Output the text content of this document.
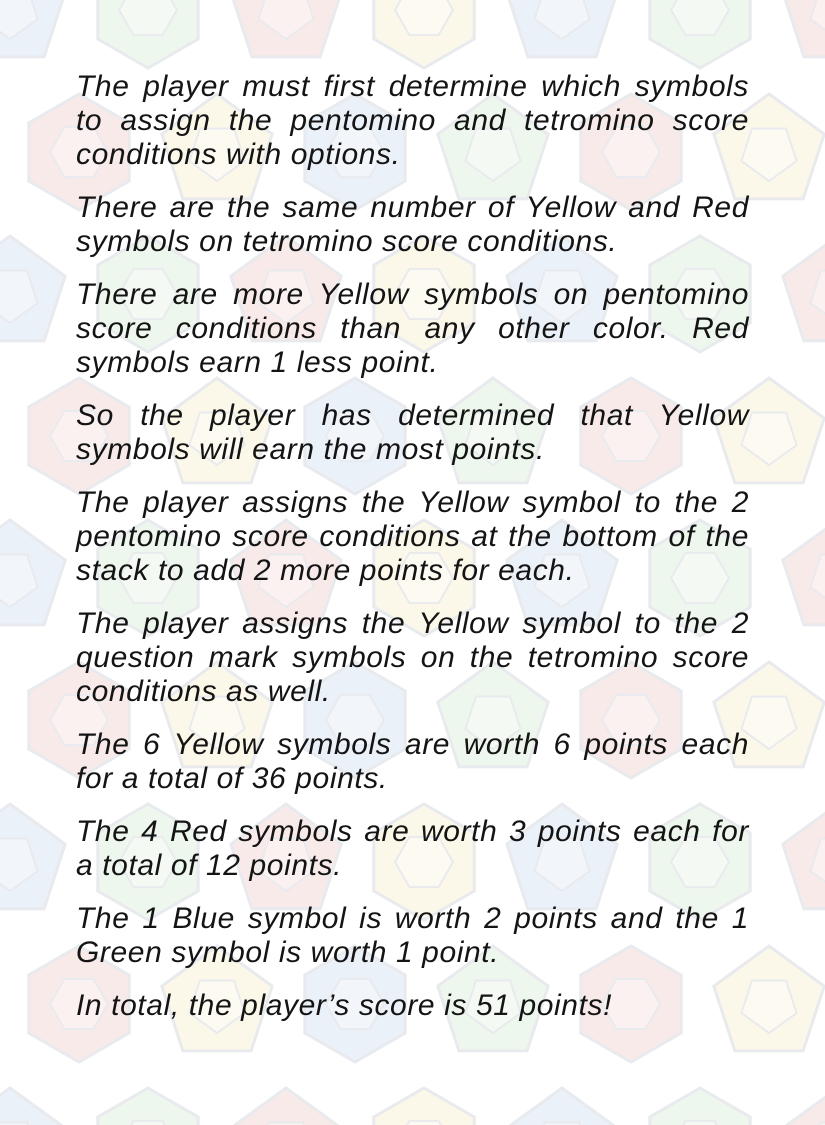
The player must first determine which symbols to assign the pentomino and tetromino score conditions with options.

There are the same number of Yellow and Red symbols on tetromino score conditions.

There are more Yellow symbols on pentomino score conditions than any other color. Red symbols earn 1 less point.

So the player has determined that Yellow symbols will earn the most points.

The player assigns the Yellow symbol to the 2 pentomino score conditions at the bottom of the stack to add 2 more points for each.

The player assigns the Yellow symbol to the 2 question mark symbols on the tetromino score conditions as well.

The 6 Yellow symbols are worth 6 points each for a total of 36 points.

The 4 Red symbols are worth 3 points each for a total of 12 points.

The 1 Blue symbol is worth 2 points and the 1 Green symbol is worth 1 point.

In total, the player’s score is 51 points!
